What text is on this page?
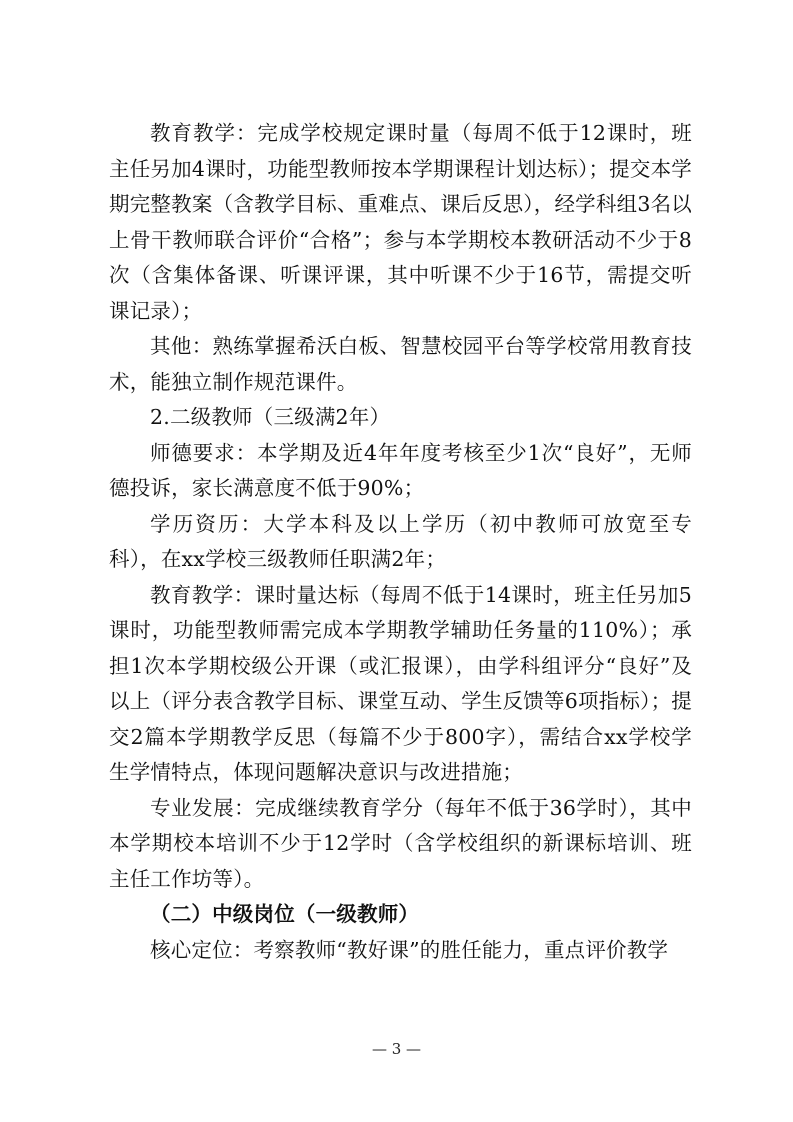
教育教学：完成学校规定课时量（每周不低于12课时，班主任另加4课时，功能型教师按本学期课程计划达标）；提交本学期完整教案（含教学目标、重难点、课后反思），经学科组3名以上骨干教师联合评价“合格”；参与本学期校本教研活动不少于8次（含集体备课、听课评课，其中听课不少于16节，需提交听课记录）；

其他：熟练掌握希沃白板、智慧校园平台等学校常用教育技术，能独立制作规范课件。

2.二级教师（三级满2年）

师德要求：本学期及近4年年度考核至少1次“良好”，无师德投诉，家长满意度不低于90%；

学历资历：大学本科及以上学历（初中教师可放宽至专科），在xx学校三级教师任职满2年；

教育教学：课时量达标（每周不低于14课时，班主任另加5课时，功能型教师需完成本学期教学辅助任务量的110%）；承担1次本学期校级公开课（或汇报课），由学科组评分“良好”及以上（评分表含教学目标、课堂互动、学生反馈等6项指标）；提交2篇本学期教学反思（每篇不少于800字），需结合xx学校学生学情特点，体现问题解决意识与改进措施；

专业发展：完成继续教育学分（每年不低于36学时），其中本学期校本培训不少于12学时（含学校组织的新课标培训、班主任工作坊等）。

（二）中级岗位（一级教师）

核心定位：考察教师“教好课”的胜任能力，重点评价教学

— 3 —
